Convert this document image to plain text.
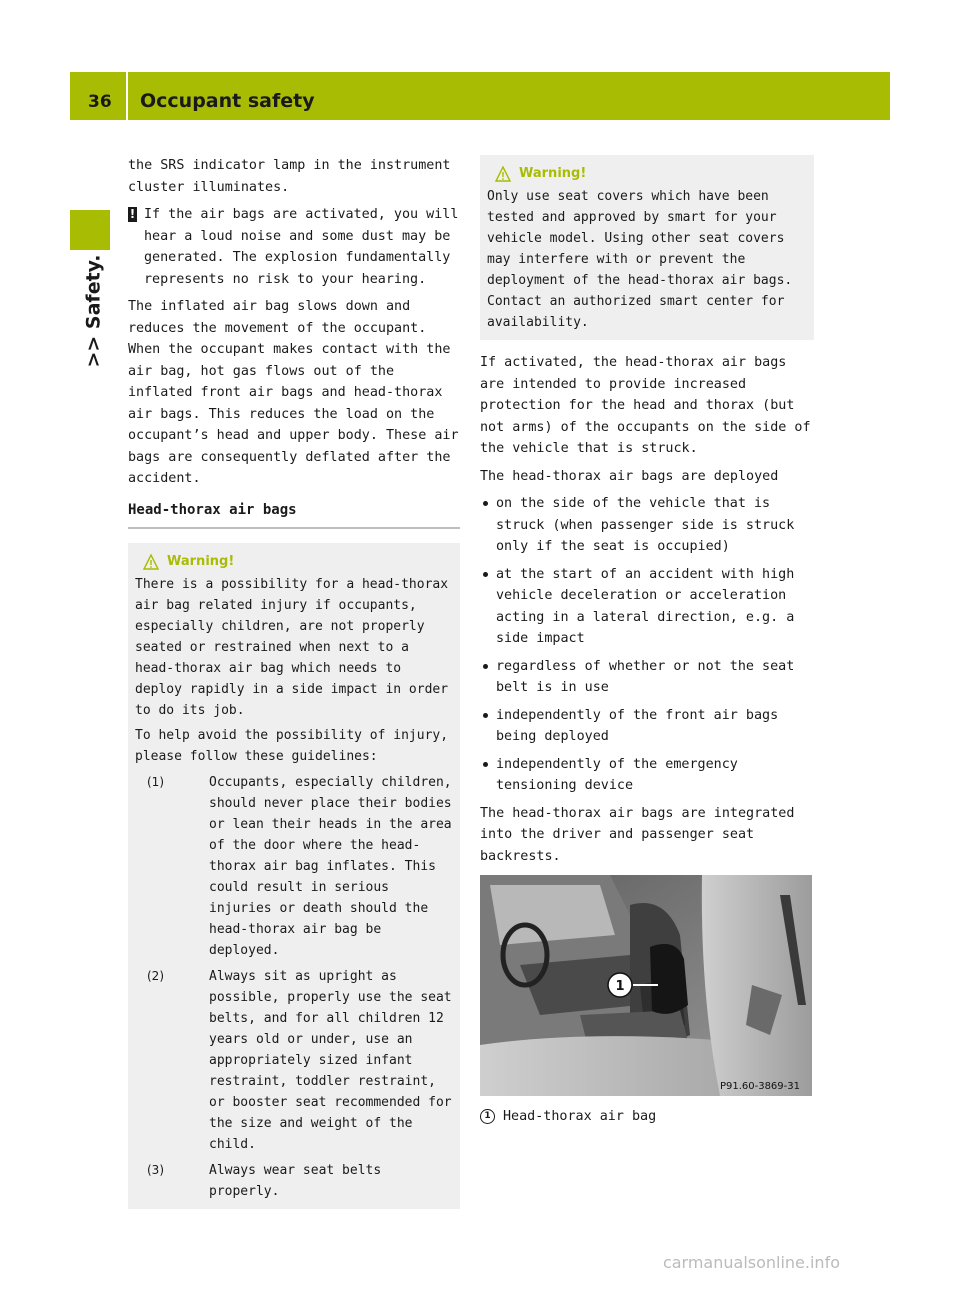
36 Occupant safety
>> Safety.
the SRS indicator lamp in the instrument cluster illuminates.
! If the air bags are activated, you will hear a loud noise and some dust may be generated. The explosion fundamentally represents no risk to your hearing.
The inflated air bag slows down and reduces the movement of the occupant. When the occupant makes contact with the air bag, hot gas flows out of the inflated front air bags and head-thorax air bags. This reduces the load on the occupant’s head and upper body. These air bags are consequently deflated after the accident.
Head-thorax air bags
Warning!
There is a possibility for a head-thorax air bag related injury if occupants, especially children, are not properly seated or restrained when next to a head-thorax air bag which needs to deploy rapidly in a side impact in order to do its job.
To help avoid the possibility of injury, please follow these guidelines:
(1)	Occupants, especially children, should never place their bodies or lean their heads in the area of the door where the head-thorax air bag inflates. This could result in serious injuries or death should the head-thorax air bag be deployed.
(2)	Always sit as upright as possible, properly use the seat belts, and for all children 12 years old or under, use an appropriately sized infant restraint, toddler restraint, or booster seat recommended for the size and weight of the child.
(3)	Always wear seat belts properly.
Warning!
Only use seat covers which have been tested and approved by smart for your vehicle model. Using other seat covers may interfere with or prevent the deployment of the head-thorax air bags. Contact an authorized smart center for availability.
If activated, the head-thorax air bags are intended to provide increased protection for the head and thorax (but not arms) of the occupants on the side of the vehicle that is struck.
The head-thorax air bags are deployed
on the side of the vehicle that is struck (when passenger side is struck only if the seat is occupied)
at the start of an accident with high vehicle deceleration or acceleration acting in a lateral direction, e.g. a side impact
regardless of whether or not the seat belt is in use
independently of the front air bags being deployed
independently of the emergency tensioning device
The head-thorax air bags are integrated into the driver and passenger seat backrests.
1
P91.60-3869-31
1 Head-thorax air bag
carmanualsonline.info
